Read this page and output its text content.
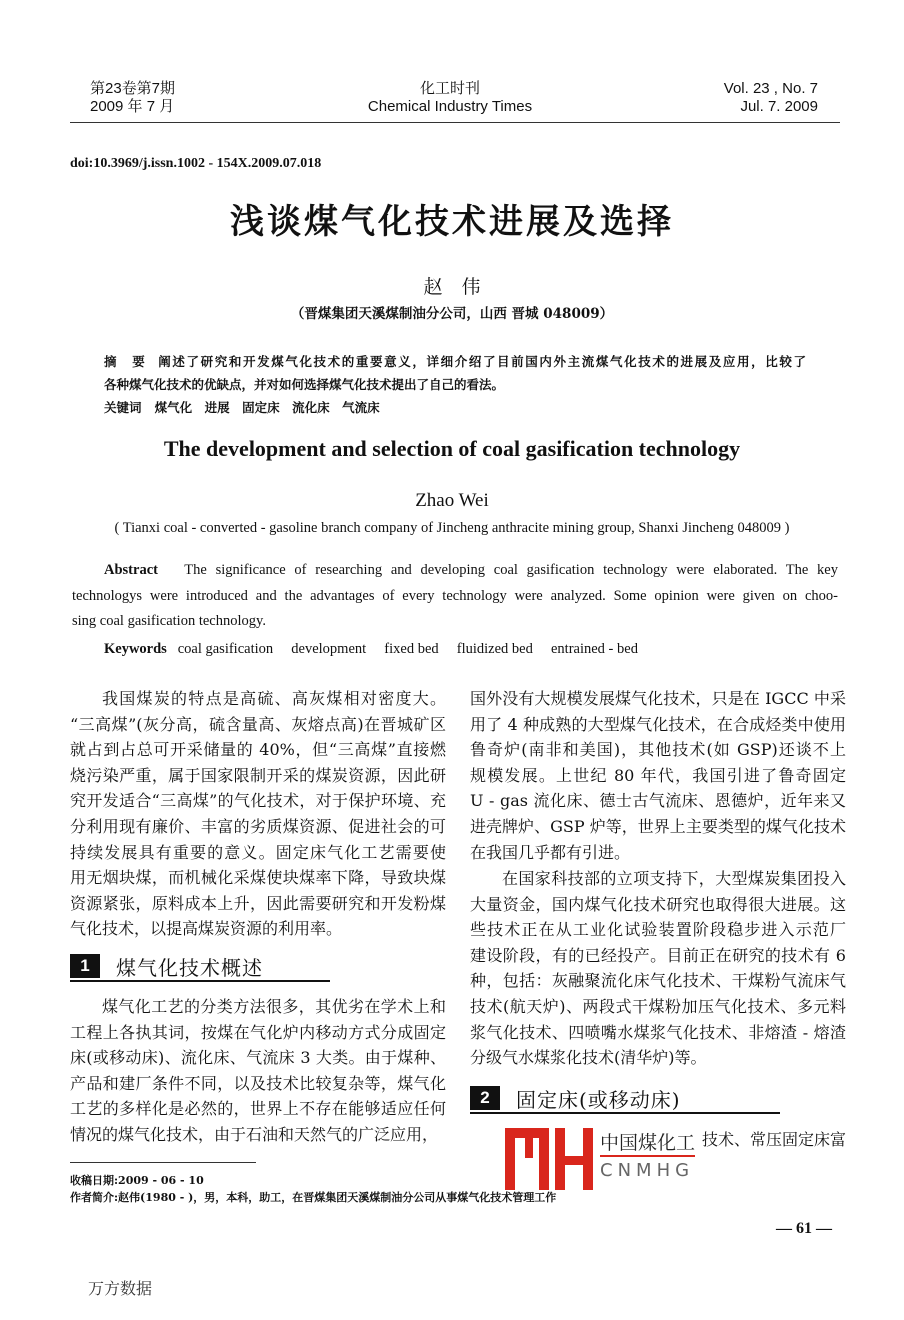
第23卷第7期
2009 年 7 月
化工时刊
Chemical Industry Times
Vol. 23 , No. 7
Jul. 7. 2009
doi:10.3969/j.issn.1002 - 154X.2009.07.018
浅谈煤气化技术进展及选择
赵　伟
（晋煤集团天溪煤制油分公司，山西 晋城 048009）
摘　要 阐述了研究和开发煤气化技术的重要意义，详细介绍了目前国内外主流煤气化技术的进展及应用，比较了
各种煤气化技术的优缺点，并对如何选择煤气化技术提出了自己的看法。
关键词 煤气化　进展　固定床　流化床　气流床
The development and selection of coal gasification technology
Zhao Wei
( Tianxi coal - converted - gasoline branch company of Jincheng anthracite mining group, Shanxi Jincheng 048009 )
Abstract The significance of researching and developing coal gasification technology were elaborated. The key
technologys were introduced and the advantages of every technology were analyzed. Some opinion were given on choo-
sing coal gasification technology.
Keywords coal gasification　 development　 fixed bed　 fluidized bed　 entrained - bed
我国煤炭的特点是高硫、高灰煤相对密度大。
“三高煤”(灰分高，硫含量高、灰熔点高)在晋城矿区
就占到占总可开采储量的 40%，但“三高煤”直接燃
烧污染严重，属于国家限制开采的煤炭资源，因此研
究开发适合“三高煤”的气化技术，对于保护环境、充
分利用现有廉价、丰富的劣质煤资源、促进社会的可
持续发展具有重要的意义。固定床气化工艺需要使
用无烟块煤，而机械化采煤使块煤率下降，导致块煤
资源紧张，原料成本上升，因此需要研究和开发粉煤
气化技术，以提高煤炭资源的利用率。
1	煤气化技术概述
煤气化工艺的分类方法很多，其优劣在学术上和
工程上各执其词，按煤在气化炉内移动方式分成固定
床(或移动床)、流化床、气流床 3 大类。由于煤种、
产品和建厂条件不同，以及技术比较复杂等，煤气化
工艺的多样化是必然的，世界上不存在能够适应任何
情况的煤气化技术，由于石油和天然气的广泛应用，
国外没有大规模发展煤气化技术，只是在 IGCC 中采
用了 4 种成熟的大型煤气化技术，在合成烃类中使用
鲁奇炉(南非和美国)，其他技术(如 GSP)还谈不上
规模发展。上世纪 80 年代，我国引进了鲁奇固定
U - gas 流化床、德士古气流床、恩德炉，近年来又
进壳牌炉、GSP 炉等，世界上主要类型的煤气化技术
在我国几乎都有引进。
在国家科技部的立项支持下，大型煤炭集团投入
大量资金，国内煤气化技术研究也取得很大进展。这
些技术正在从工业化试验装置阶段稳步进入示范厂
建设阶段，有的已经投产。目前正在研究的技术有 6
种，包括：灰融聚流化床气化技术、干煤粉气流床气
技术(航天炉)、两段式干煤粉加压气化技术、多元料
浆气化技术、四喷嘴水煤浆气化技术、非熔渣 - 熔渣
分级气水煤浆化技术(清华炉)等。
2	固定床(或移动床)
中国煤化工
CNMHG
技术、常压固定床富
收稿日期:2009 - 06 - 10
作者简介:赵伟(1980 - )，男，本科，助工，在晋煤集团天溪煤制油分公司从事煤气化技术管理工作
— 61 —
万方数据
